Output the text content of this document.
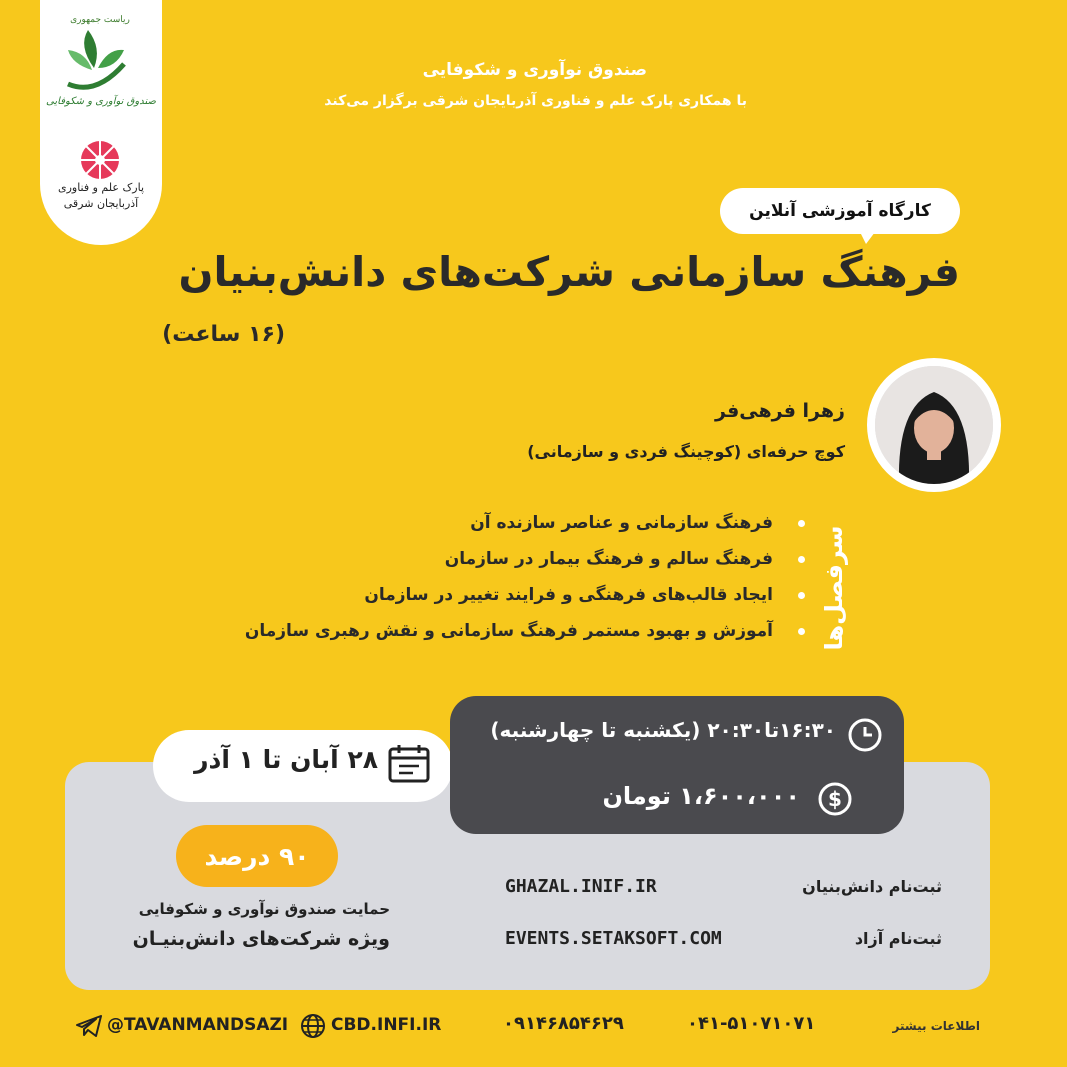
ریاست جمهوری
صندوق نوآوری و شکوفایی
پارک علم و فناوری
آذربایجان شرقی
صندوق نوآوری و شکوفایی
با همکاری پارک علم و فناوری آذربایجان شرقی برگزار می‌کند
کارگاه آموزشی آنلاین
فرهنگ سازمانی شرکت‌های دانش‌بنیان
(۱۶ ساعت)
زهرا فرهی‌فر
کوچ حرفه‌ای (کوچینگ فردی و سازمانی)
سرفصل‌ها
فرهنگ سازمانی و عناصر سازنده آن
فرهنگ سالم و فرهنگ بیمار در سازمان
ایجاد قالب‌های فرهنگی و فرایند تغییر در سازمان
آموزش و بهبود مستمر فرهنگ سازمانی و نقش رهبری سازمان
۲۸ آبان تا ۱ آذر
۱۶:۳۰تا۲۰:۳۰ (یکشنبه تا چهارشنبه)
۱،۶۰۰،۰۰۰ تومان $
۹۰ درصد
حمایت صندوق نوآوری و شکوفایی
ویژه شرکت‌های دانش‌بنیـان
ثبت‌نام دانش‌بنیان
GHAZAL.INIF.IR
ثبت‌نام آزاد
EVENTS.SETAKSOFT.COM
اطلاعات بیشتر
۰۴۱-۵۱۰۷۱۰۷۱
۰۹۱۴۶۸۵۴۶۲۹
CBD.INFI.IR
@TAVANMANDSAZI
